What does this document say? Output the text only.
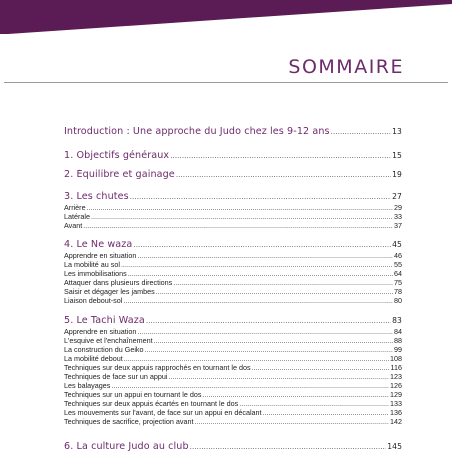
SOMMAIRE
Introduction : Une approche du Judo chez les 9-12 ans .....	13
1. Objectifs généraux .....	15
2. Équilibre et gainage .....	19
3. Les chutes .....	27
Arrière .....	29
Latérale .....	33
Avant .....	37
4. Le Ne waza .....	45
Apprendre en situation .....	46
La mobilité au sol .....	55
Les immobilisations .....	64
Attaquer dans plusieurs directions .....	75
Saisir et dégager les jambes .....	78
Liaison debout-sol .....	80
5. Le Tachi Waza .....	83
Apprendre en situation .....	84
L'esquive et l'enchaînement .....	88
La construction du Geiko .....	99
La mobilité debout .....	108
Techniques sur deux appuis rapprochés en tournant le dos .....	116
Techniques de face sur un appui .....	123
Les balayages .....	126
Techniques sur un appui en tournant le dos .....	129
Techniques sur deux appuis écartés en tournant le dos .....	133
Les mouvements sur l'avant, de face sur un appui en décalant .....	136
Techniques de sacrifice, projection avant .....	142
6. La culture Judo au club .....	145
